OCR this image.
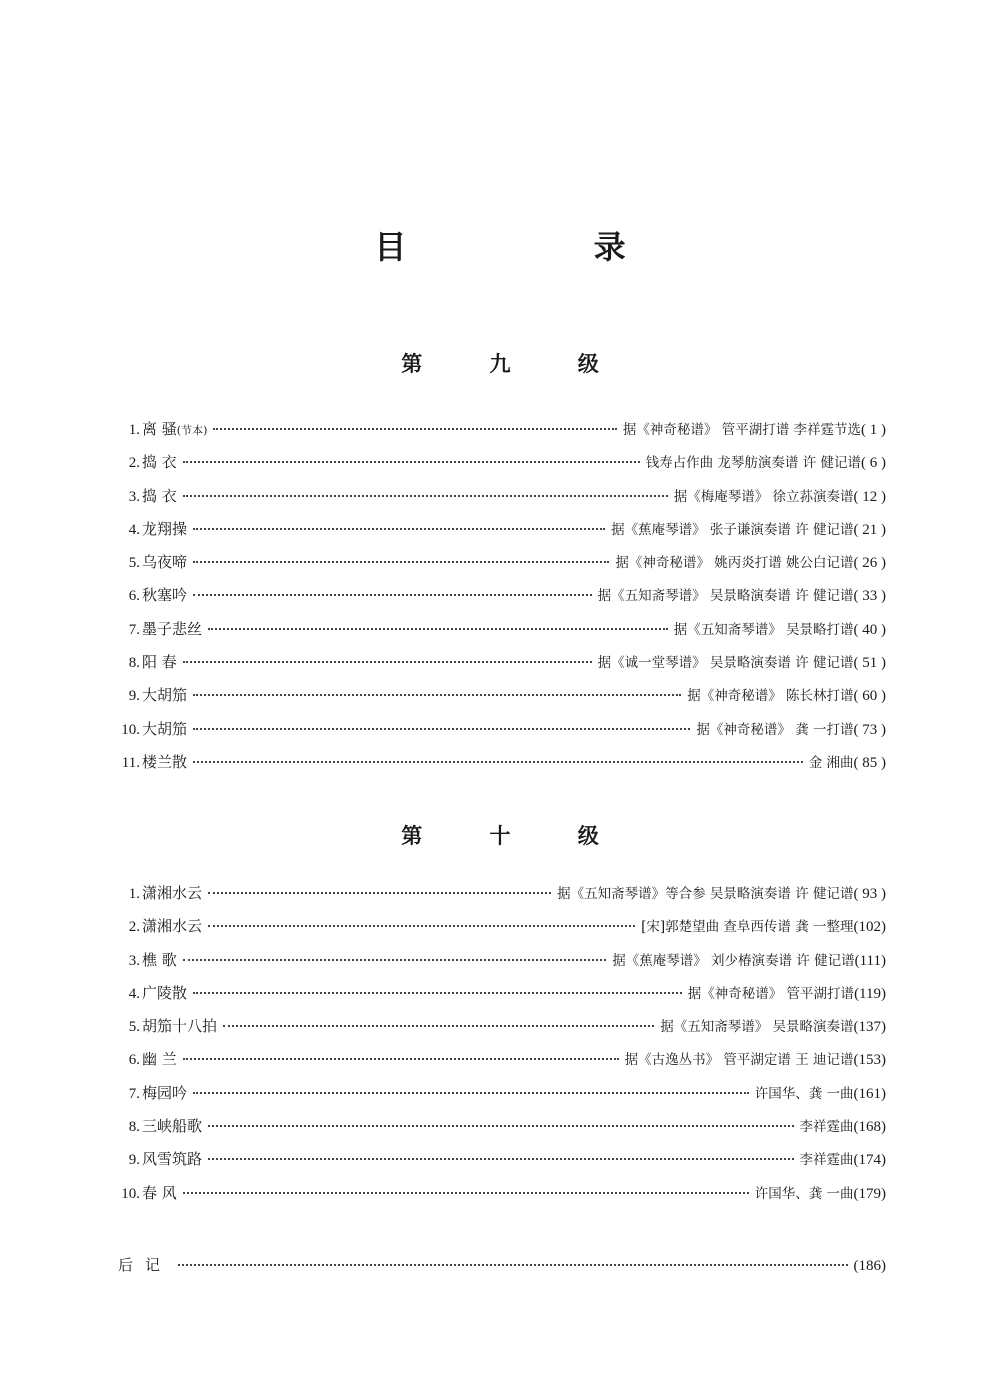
目 录
第 九 级
1. 离 骚 (节本)	据《神奇秘谱》 管平湖打谱 李祥霆节选 ( 1 )
2. 捣 衣	钱寿占作曲 龙琴舫演奏谱 许 健记谱 ( 6 )
3. 捣 衣	据《梅庵琴谱》 徐立荪演奏谱 ( 12 )
4. 龙翔操	据《蕉庵琴谱》 张子谦演奏谱 许 健记谱 ( 21 )
5. 乌夜啼	据《神奇秘谱》 姚丙炎打谱 姚公白记谱 ( 26 )
6. 秋塞吟	据《五知斋琴谱》 吴景略演奏谱 许 健记谱 ( 33 )
7. 墨子悲丝	据《五知斋琴谱》 吴景略打谱 ( 40 )
8. 阳 春	据《诚一堂琴谱》 吴景略演奏谱 许 健记谱 ( 51 )
9. 大胡笳	据《神奇秘谱》 陈长林打谱 ( 60 )
10. 大胡笳	据《神奇秘谱》 龚 一打谱 ( 73 )
11. 楼兰散	金 湘曲 ( 85 )
第 十 级
1. 潇湘水云	据《五知斋琴谱》等合参 吴景略演奏谱 许 健记谱 ( 93 )
2. 潇湘水云	[宋]郭楚望曲 查阜西传谱 龚 一整理 (102)
3. 樵 歌	据《蕉庵琴谱》 刘少椿演奏谱 许 健记谱 (111)
4. 广陵散	据《神奇秘谱》 管平湖打谱 (119)
5. 胡笳十八拍	据《五知斋琴谱》 吴景略演奏谱 (137)
6. 幽 兰	据《古逸丛书》 管平湖定谱 王 迪记谱 (153)
7. 梅园吟	许国华、龚 一曲 (161)
8. 三峡船歌	李祥霆曲 (168)
9. 风雪筑路	李祥霆曲 (174)
10. 春 风	许国华、龚 一曲 (179)
后记	(186)
